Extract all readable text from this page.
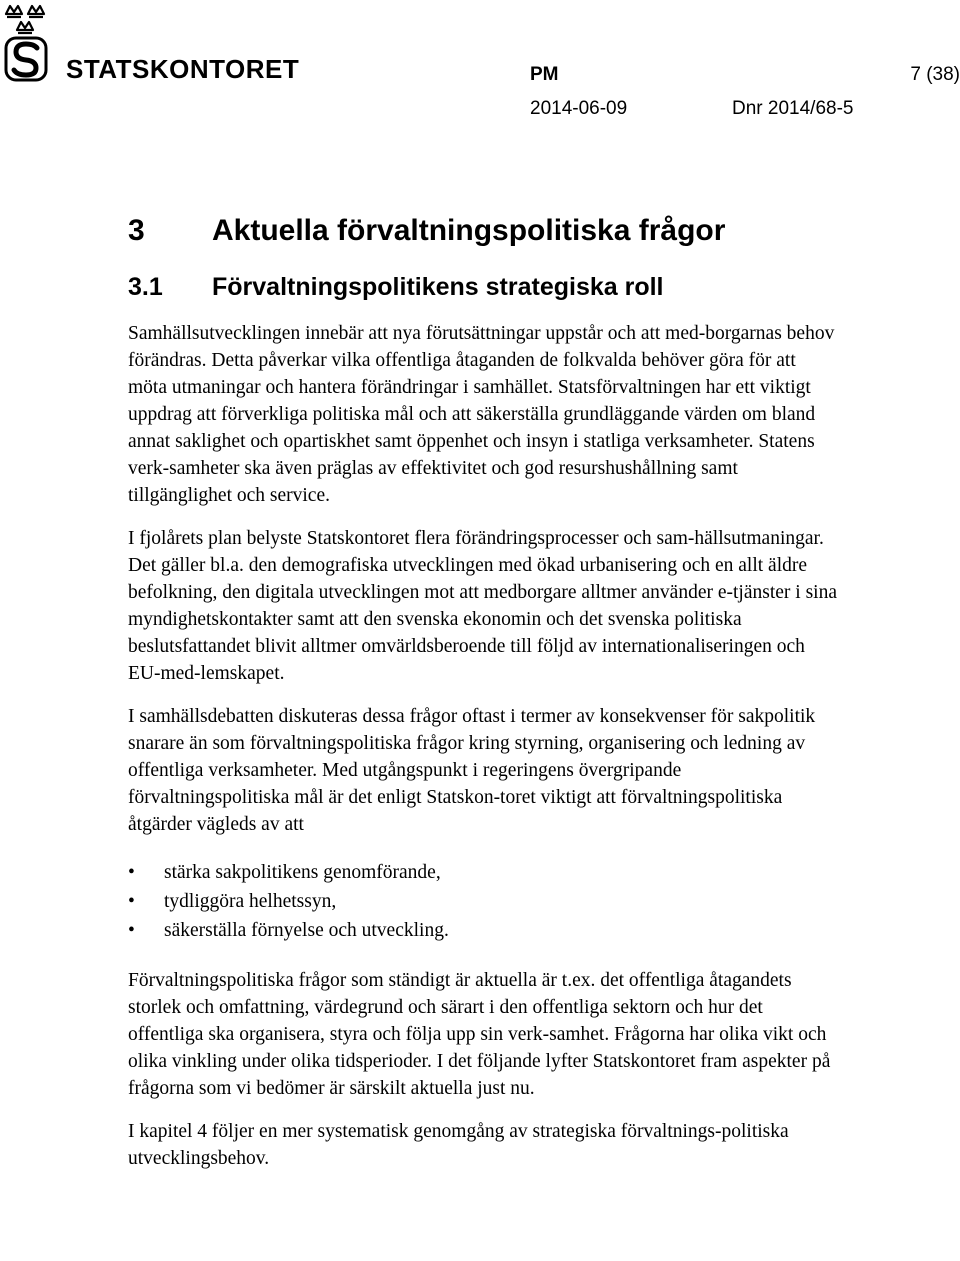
STATSKONTORET	PM	7 (38)
2014-06-09	Dnr 2014/68-5
3	Aktuella förvaltningspolitiska frågor
3.1	Förvaltningspolitikens strategiska roll

Samhällsutvecklingen innebär att nya förutsättningar uppstår och att med-borgarnas behov förändras. Detta påverkar vilka offentliga åtaganden de folkvalda behöver göra för att möta utmaningar och hantera förändringar i samhället. Statsförvaltningen har ett viktigt uppdrag att förverkliga politiska mål och att säkerställa grundläggande värden om bland annat saklighet och opartiskhet samt öppenhet och insyn i statliga verksamheter. Statens verk-samheter ska även präglas av effektivitet och god resurshushållning samt tillgänglighet och service.

I fjolårets plan belyste Statskontoret flera förändringsprocesser och sam-hällsutmaningar. Det gäller bl.a. den demografiska utvecklingen med ökad urbanisering och en allt äldre befolkning, den digitala utvecklingen mot att medborgare alltmer använder e-tjänster i sina myndighetskontakter samt att den svenska ekonomin och det svenska politiska beslutsfattandet blivit alltmer omvärldsberoende till följd av internationaliseringen och EU-med-lemskapet.

I samhällsdebatten diskuteras dessa frågor oftast i termer av konsekvenser för sakpolitik snarare än som förvaltningspolitiska frågor kring styrning, organisering och ledning av offentliga verksamheter. Med utgångspunkt i regeringens övergripande förvaltningspolitiska mål är det enligt Statskon-toret viktigt att förvaltningspolitiska åtgärder vägleds av att

•	stärka sakpolitikens genomförande,
•	tydliggöra helhetssyn,
•	säkerställa förnyelse och utveckling.

Förvaltningspolitiska frågor som ständigt är aktuella är t.ex. det offentliga åtagandets storlek och omfattning, värdegrund och särart i den offentliga sektorn och hur det offentliga ska organisera, styra och följa upp sin verk-samhet. Frågorna har olika vikt och olika vinkling under olika tidsperioder. I det följande lyfter Statskontoret fram aspekter på frågorna som vi bedömer är särskilt aktuella just nu.

I kapitel 4 följer en mer systematisk genomgång av strategiska förvaltnings-politiska utvecklingsbehov.
